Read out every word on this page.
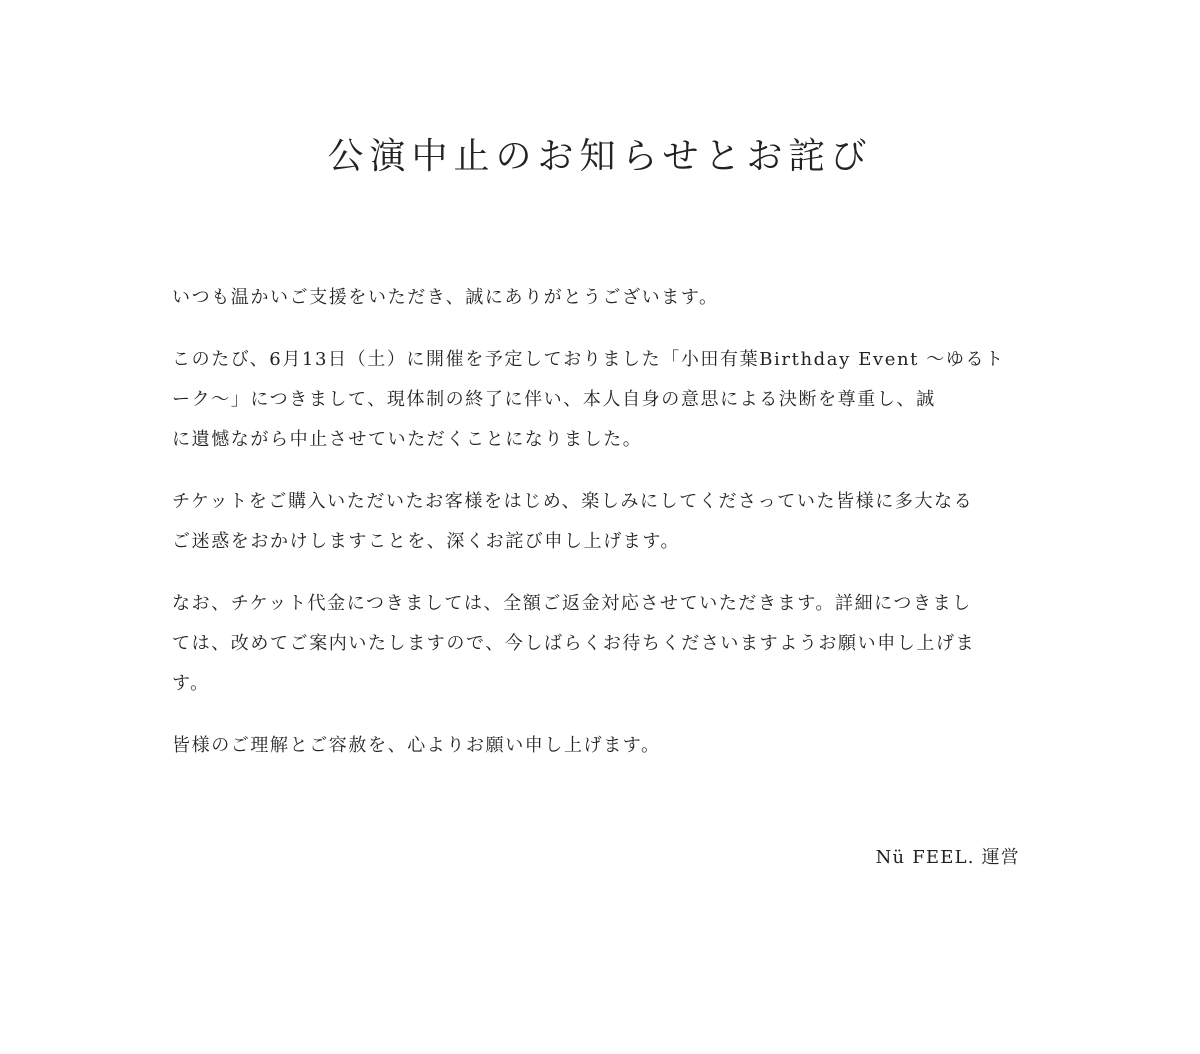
公演中止のお知らせとお詫び

いつも温かいご支援をいただき、誠にありがとうございます。

このたび、6月13日（土）に開催を予定しておりました「小田有葉Birthday Event 〜ゆるト
ーク〜」につきまして、現体制の終了に伴い、本人自身の意思による決断を尊重し、誠
に遺憾ながら中止させていただくことになりました。

チケットをご購入いただいたお客様をはじめ、楽しみにしてくださっていた皆様に多大なる
ご迷惑をおかけしますことを、深くお詫び申し上げます。

なお、チケット代金につきましては、全額ご返金対応させていただきます。詳細につきまし
ては、改めてご案内いたしますので、今しばらくお待ちくださいますようお願い申し上げま
す。

皆様のご理解とご容赦を、心よりお願い申し上げます。

Nü FEEL. 運営
